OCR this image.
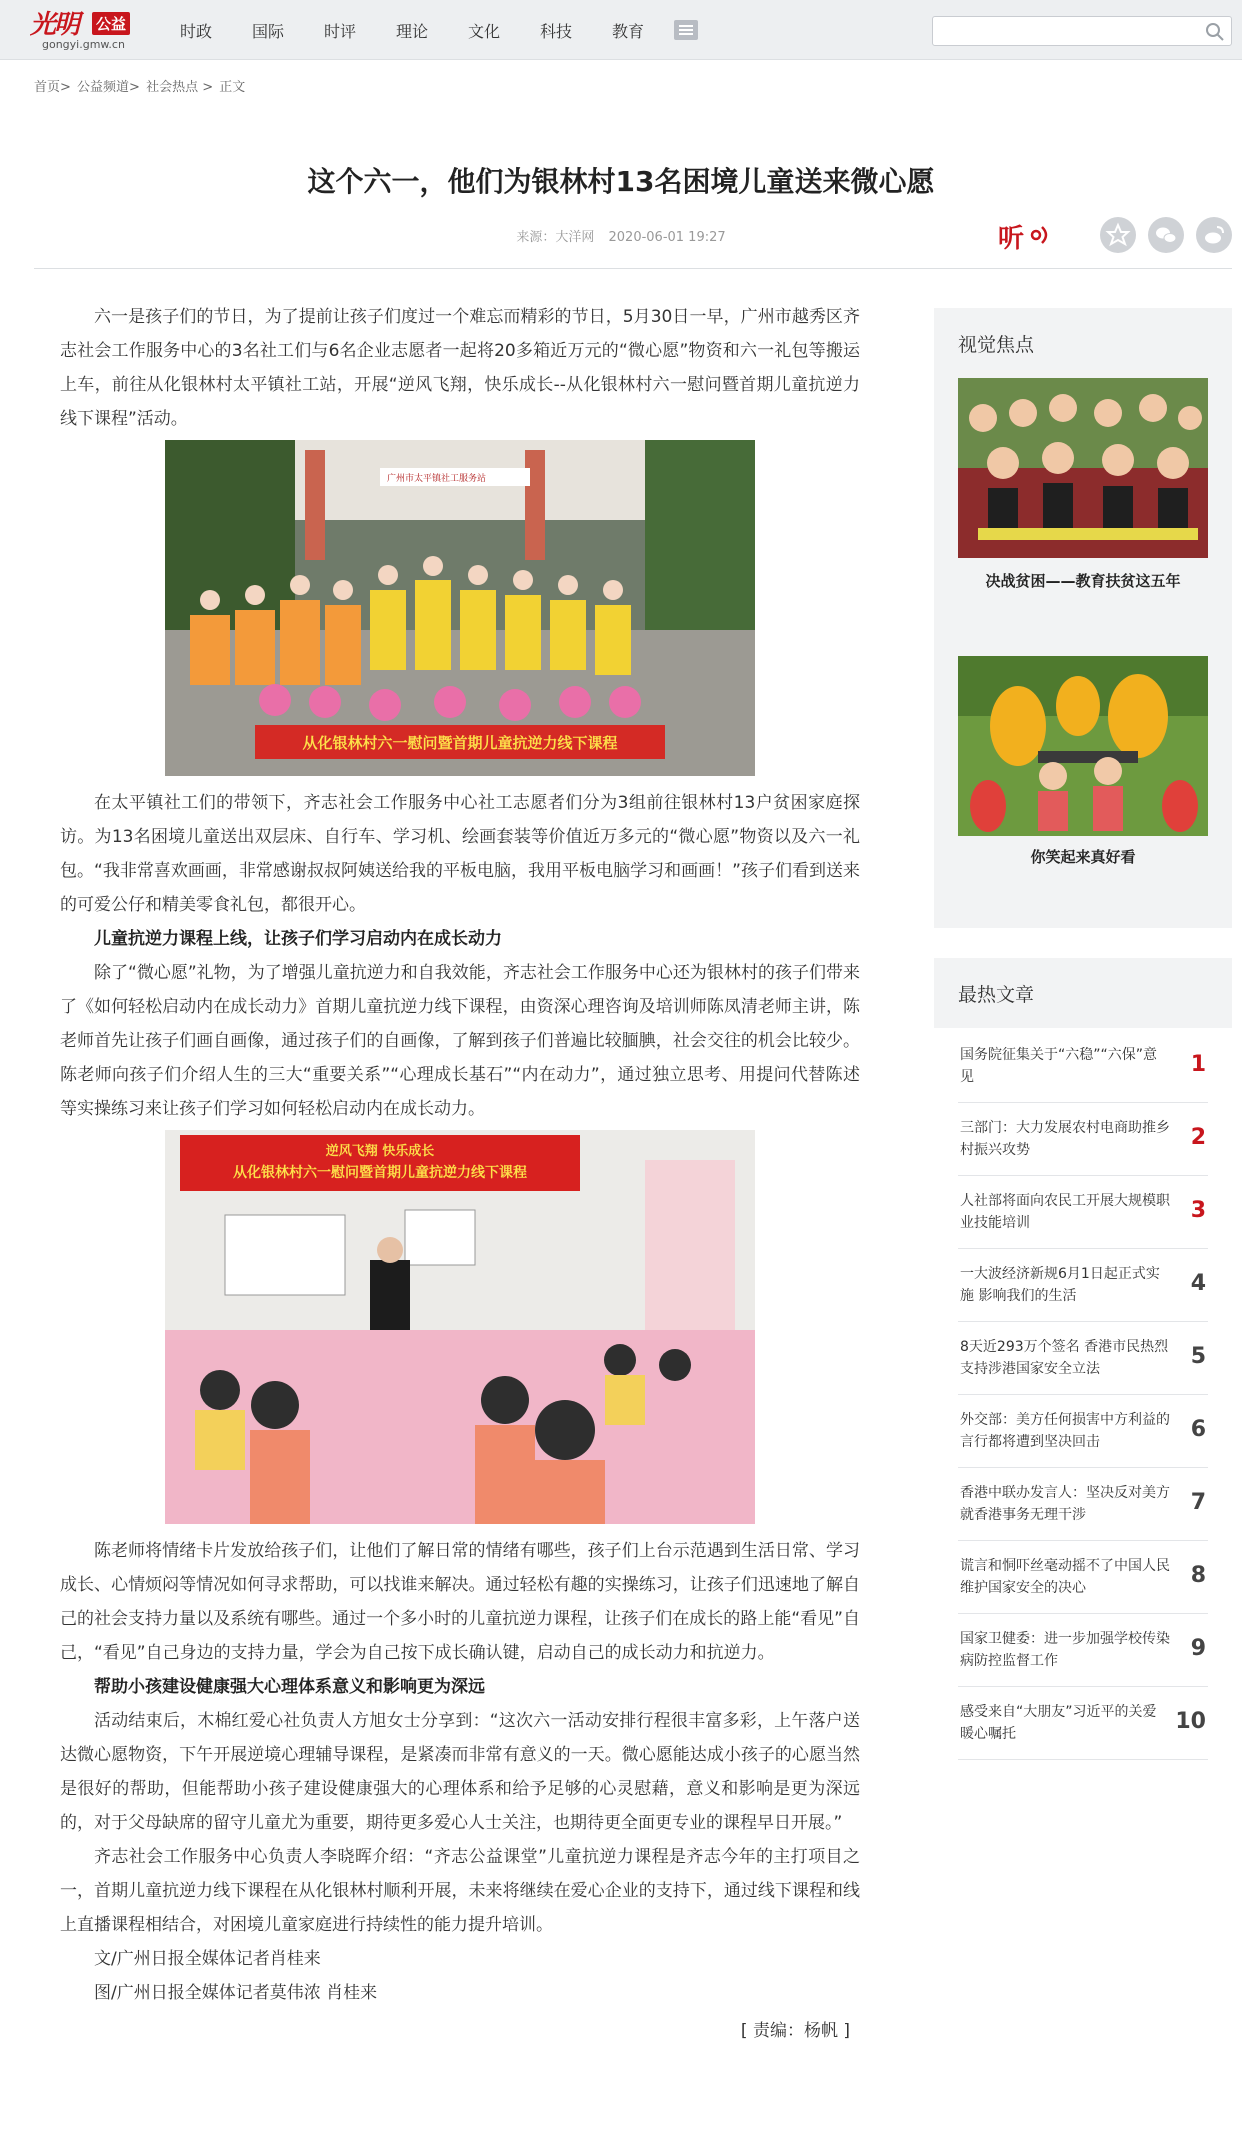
光明 公益
gongyi.gmw.cn
时政	国际	时评	理论	文化	科技	教育
首页> 公益频道> 社会热点 > 正文
这个六一，他们为银林村13名困境儿童送来微心愿
来源：大洋网 2020-06-01 19:27	听

六一是孩子们的节日，为了提前让孩子们度过一个难忘而精彩的节日，5月30日一早，广州市越秀区齐志社会工作服务中心的3名社工们与6名企业志愿者一起将20多箱近万元的“微心愿”物资和六一礼包等搬运上车，前往从化银林村太平镇社工站，开展“逆风飞翔，快乐成长--从化银林村六一慰问暨首期儿童抗逆力线下课程”活动。

广州市太平镇社工服务站
从化银林村六一慰问暨首期儿童抗逆力线下课程

在太平镇社工们的带领下，齐志社会工作服务中心社工志愿者们分为3组前往银林村13户贫困家庭探访。为13名困境儿童送出双层床、自行车、学习机、绘画套装等价值近万多元的“微心愿”物资以及六一礼包。“我非常喜欢画画，非常感谢叔叔阿姨送给我的平板电脑，我用平板电脑学习和画画！”孩子们看到送来的可爱公仔和精美零食礼包，都很开心。

儿童抗逆力课程上线，让孩子们学习启动内在成长动力

除了“微心愿”礼物，为了增强儿童抗逆力和自我效能，齐志社会工作服务中心还为银林村的孩子们带来了《如何轻松启动内在成长动力》首期儿童抗逆力线下课程，由资深心理咨询及培训师陈凤清老师主讲，陈老师首先让孩子们画自画像，通过孩子们的自画像，了解到孩子们普遍比较腼腆，社会交往的机会比较少。陈老师向孩子们介绍人生的三大“重要关系”“心理成长基石”“内在动力”，通过独立思考、用提问代替陈述等实操练习来让孩子们学习如何轻松启动内在成长动力。

逆风飞翔 快乐成长
从化银林村六一慰问暨首期儿童抗逆力线下课程

陈老师将情绪卡片发放给孩子们，让他们了解日常的情绪有哪些，孩子们上台示范遇到生活日常、学习成长、心情烦闷等情况如何寻求帮助，可以找谁来解决。通过轻松有趣的实操练习，让孩子们迅速地了解自己的社会支持力量以及系统有哪些。通过一个多小时的儿童抗逆力课程，让孩子们在成长的路上能“看见”自己，“看见”自己身边的支持力量，学会为自己按下成长确认键，启动自己的成长动力和抗逆力。

帮助小孩建设健康强大心理体系意义和影响更为深远

活动结束后，木棉红爱心社负责人方旭女士分享到：“这次六一活动安排行程很丰富多彩，上午落户送达微心愿物资，下午开展逆境心理辅导课程，是紧凑而非常有意义的一天。微心愿能达成小孩子的心愿当然是很好的帮助，但能帮助小孩子建设健康强大的心理体系和给予足够的心灵慰藉，意义和影响是更为深远的，对于父母缺席的留守儿童尤为重要，期待更多爱心人士关注，也期待更全面更专业的课程早日开展。”

齐志社会工作服务中心负责人李晓晖介绍：“齐志公益课堂”儿童抗逆力课程是齐志今年的主打项目之一，首期儿童抗逆力线下课程在从化银林村顺利开展，未来将继续在爱心企业的支持下，通过线下课程和线上直播课程相结合，对困境儿童家庭进行持续性的能力提升培训。

文/广州日报全媒体记者肖桂来

图/广州日报全媒体记者莫伟浓 肖桂来

[ 责编：杨帆 ]
视觉焦点
决战贫困——教育扶贫这五年
你笑起来真好看
最热文章
国务院征集关于“六稳”“六保”意见	1
三部门：大力发展农村电商助推乡村振兴攻势	2
人社部将面向农民工开展大规模职业技能培训	3
一大波经济新规6月1日起正式实施 影响我们的生活	4
8天近293万个签名 香港市民热烈支持涉港国家安全立法	5
外交部：美方任何损害中方利益的言行都将遭到坚决回击	6
香港中联办发言人：坚决反对美方就香港事务无理干涉	7
谎言和恫吓丝毫动摇不了中国人民维护国家安全的决心	8
国家卫健委：进一步加强学校传染病防控监督工作	9
感受来自“大朋友”习近平的关爱 暖心嘱托	10
